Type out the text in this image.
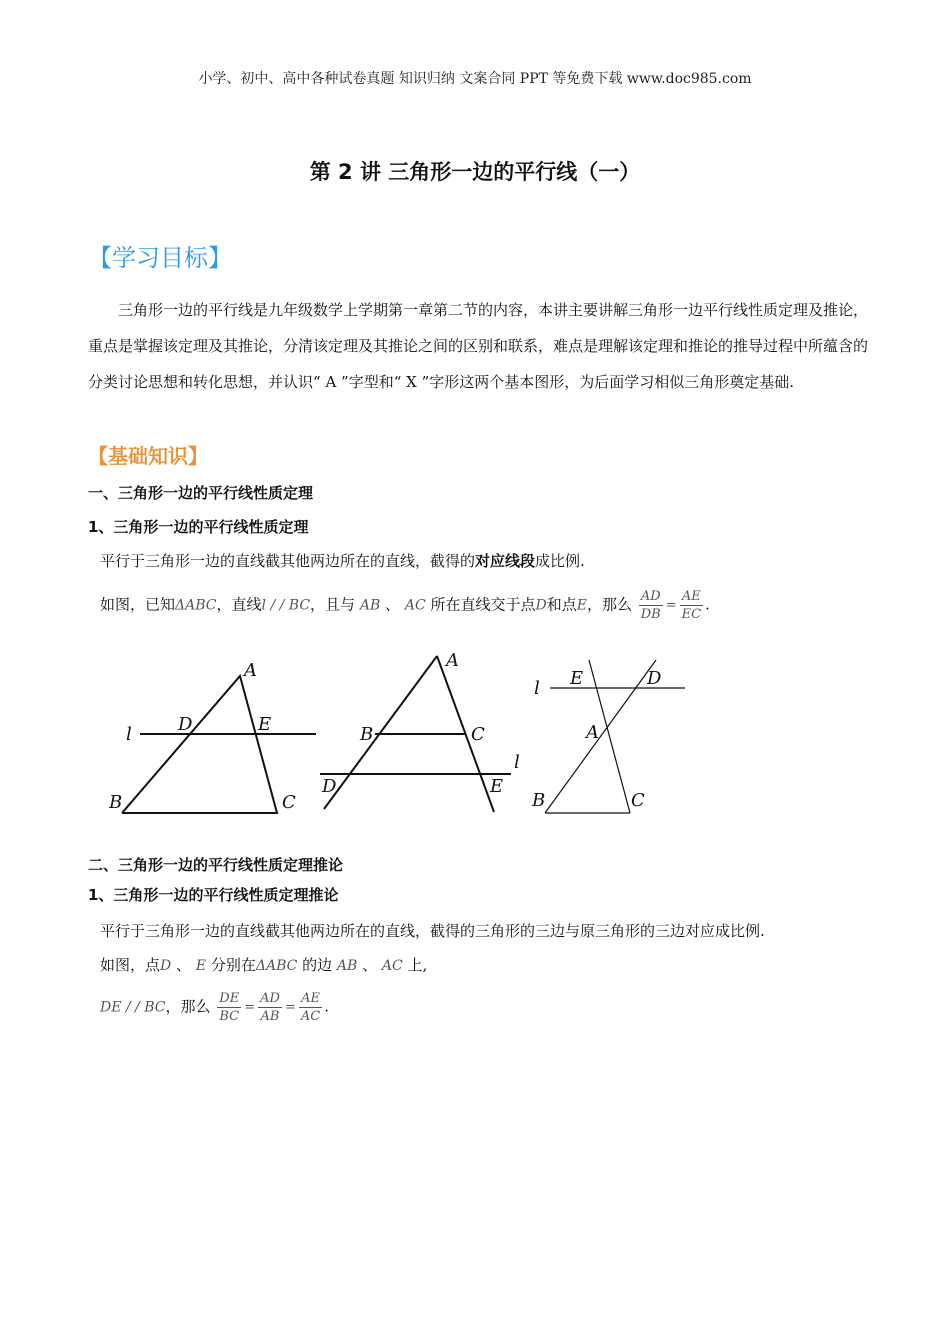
小学、初中、高中各种试卷真题 知识归纳 文案合同 PPT 等免费下载 www.doc985.com
第 2 讲 三角形一边的平行线（一）
【学习目标】
三角形一边的平行线是九年级数学上学期第一章第二节的内容，本讲主要讲解三角形一边平行线性质定理及推论，重点是掌握该定理及其推论，分清该定理及其推论之间的区别和联系，难点是理解该定理和推论的推导过程中所蕴含的分类讨论思想和转化思想，并认识“ A ”字型和“ X ”字形这两个基本图形，为后面学习相似三角形奠定基础.
【基础知识】
一、三角形一边的平行线性质定理
1、三角形一边的平行线性质定理
平行于三角形一边的直线截其他两边所在的直线，截得的对应线段成比例.
如图，已知ΔABC，直线l / / BC，且与 AB 、 AC 所在直线交于点D和点E，那么 $\frac{AD}{DB} = \frac{AE}{EC}$ .
A
D	E
l
B	C
A
B	C
l
D	E
l E	D
A
B	C
二、三角形一边的平行线性质定理推论
1、三角形一边的平行线性质定理推论
平行于三角形一边的直线截其他两边所在的直线，截得的三角形的三边与原三角形的三边对应成比例.
如图，点D 、 E 分别在ΔABC 的边 AB 、 AC 上,
DE / / BC，那么 $\frac{DE}{BC} = \frac{AD}{AB} = \frac{AE}{AC}$ .
